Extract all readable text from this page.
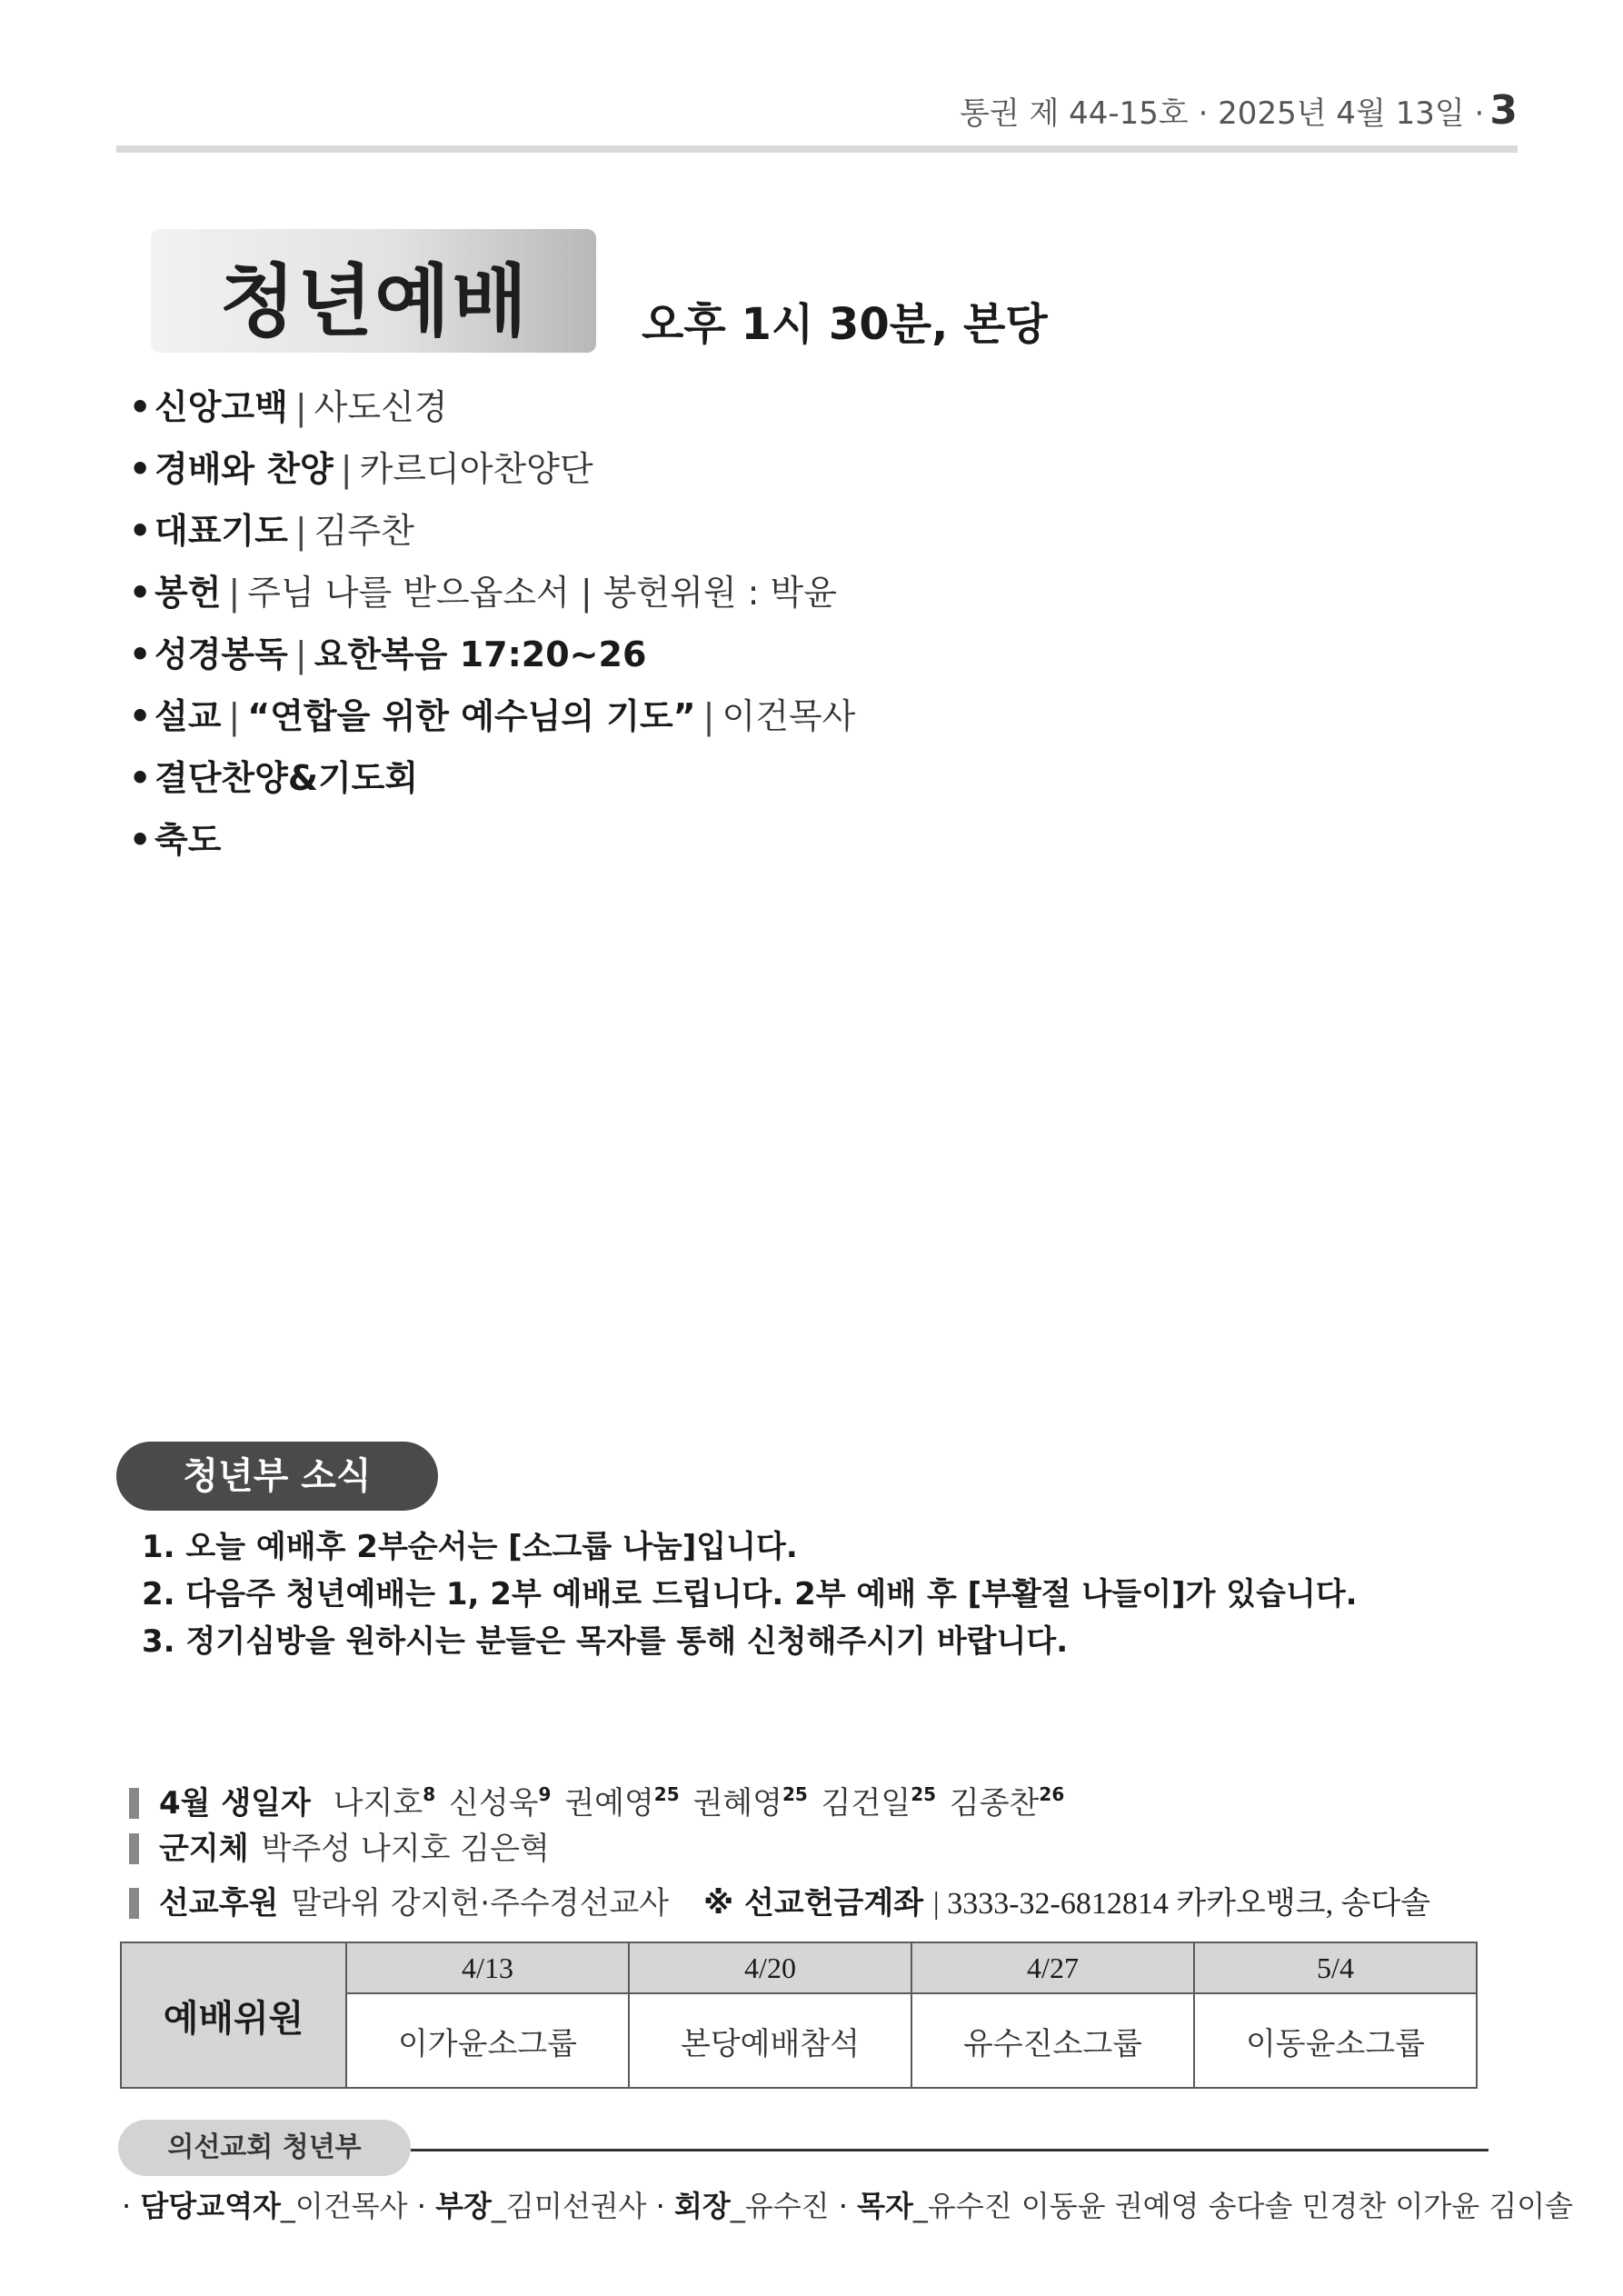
통권 제 44-15호 · 2025년 4월 13일 · 3
청년예배	오후 1시 30분, 본당
•신앙고백 | 사도신경
•경배와 찬양 | 카르디아찬양단
•대표기도 | 김주찬
•봉헌 | 주님 나를 받으옵소서 | 봉헌위원 : 박윤
•성경봉독 | 요한복음 17:20~26
•설교 | “연합을 위한 예수님의 기도” | 이건목사
•결단찬양&기도회
•축도
청년부 소식
1. 오늘 예배후 2부순서는 [소그룹 나눔]입니다.
2. 다음주 청년예배는 1, 2부 예배로 드립니다. 2부 예배 후 [부활절 나들이]가 있습니다.
3. 정기심방을 원하시는 분들은 목자를 통해 신청해주시기 바랍니다.
4월 생일자 나지호$^8$ 신성욱$^9$ 권예영$^{25}$ 권혜영$^{25}$ 김건일$^{25}$ 김종찬$^{26}$
군지체 박주성 나지호 김은혁
선교후원 말라위 강지헌·주수경선교사 ※ 선교헌금계좌 | 3333-32-6812814 카카오뱅크, 송다솔
예배위원	4/13	4/20	4/27	5/4
	이가윤소그룹	본당예배참석	유수진소그룹	이동윤소그룹
의선교회 청년부
· 담당교역자_이건목사 · 부장_김미선권사 · 회장_유수진 · 목자_유수진 이동윤 권예영 송다솔 민경찬 이가윤 김이솔
